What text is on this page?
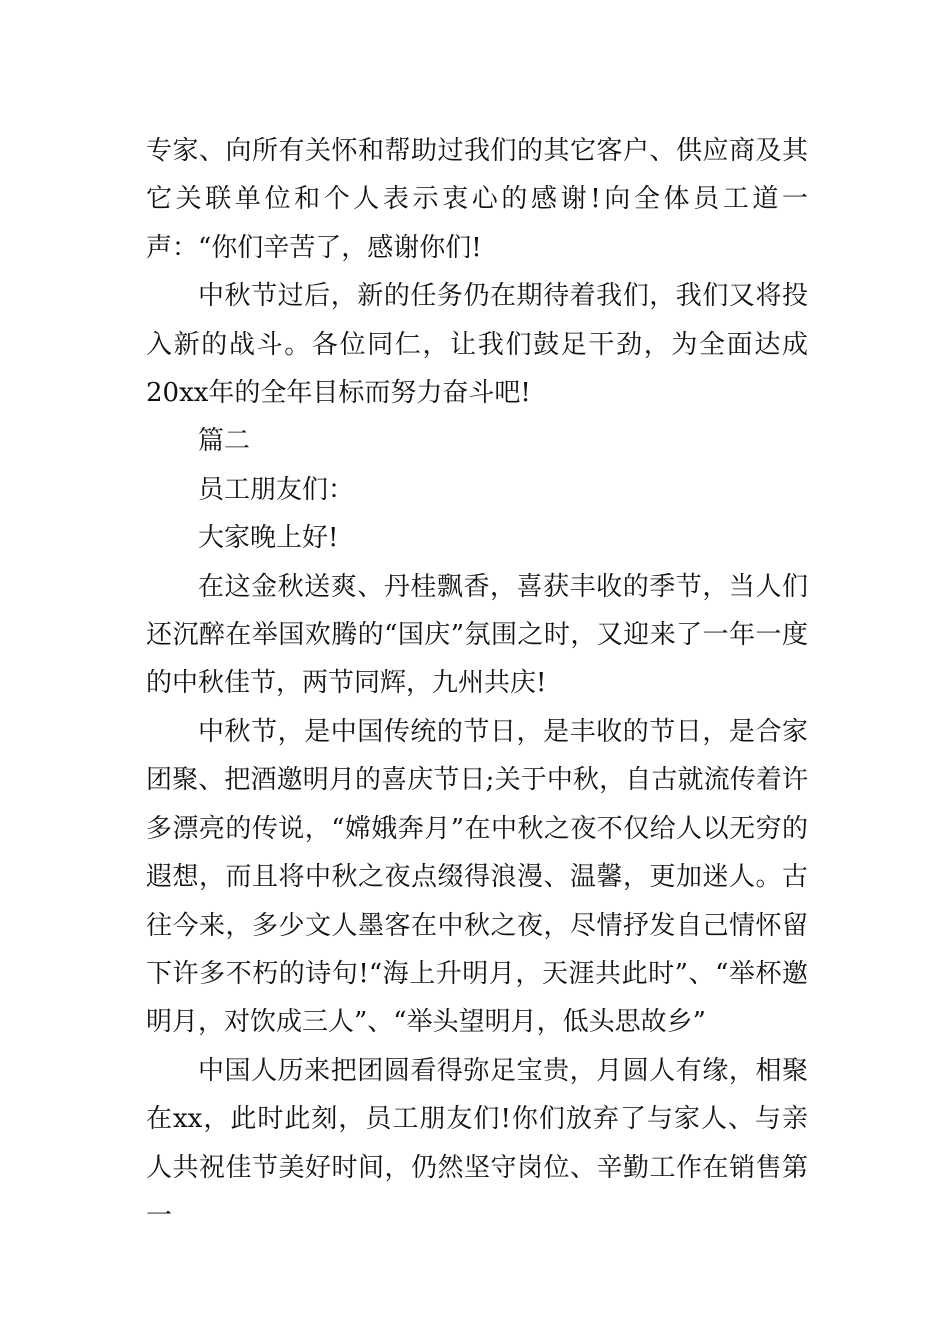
专家、向所有关怀和帮助过我们的其它客户、供应商及其它关联单位和个人表示衷心的感谢!向全体员工道一声：“你们辛苦了，感谢你们!

中秋节过后，新的任务仍在期待着我们，我们又将投入新的战斗。各位同仁，让我们鼓足干劲，为全面达成20xx年的全年目标而努力奋斗吧!

篇二

员工朋友们：

大家晚上好!

在这金秋送爽、丹桂飘香，喜获丰收的季节，当人们还沉醉在举国欢腾的“国庆”氛围之时，又迎来了一年一度的中秋佳节，两节同辉，九州共庆!

中秋节，是中国传统的节日，是丰收的节日，是合家团聚、把酒邀明月的喜庆节日;关于中秋，自古就流传着许多漂亮的传说，“嫦娥奔月”在中秋之夜不仅给人以无穷的遐想，而且将中秋之夜点缀得浪漫、温馨，更加迷人。古往今来，多少文人墨客在中秋之夜，尽情抒发自己情怀留下许多不朽的诗句!“海上升明月，天涯共此时”、“举杯邀明月，对饮成三人”、“举头望明月，低头思故乡”

中国人历来把团圆看得弥足宝贵，月圆人有缘，相聚在xx，此时此刻，员工朋友们!你们放弃了与家人、与亲人共祝佳节美好时间，仍然坚守岗位、辛勤工作在销售第一
